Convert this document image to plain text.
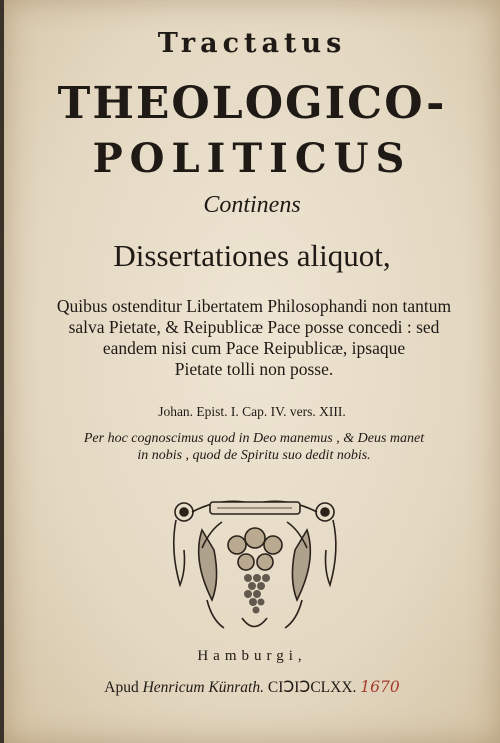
Tractatus
THEOLOGICO-
POLITICUS
Continens
Dissertationes aliquot,
Quibus ostenditur Libertatem Philosophandi non tantum
salva Pietate, & Reipublicæ Pace posse concedi : sed
eandem nisi cum Pace Reipublicæ, ipsaque
Pietate tolli non posse.
Johan. Epist. I. Cap. IV. vers. XIII.
Per hoc cognoscimus quod in Deo manemus , & Deus manet
in nobis , quod de Spiritu suo dedit nobis.
Hamburgi,
Apud Henricum Künrath. CIↃIↃCLXX. 1670
